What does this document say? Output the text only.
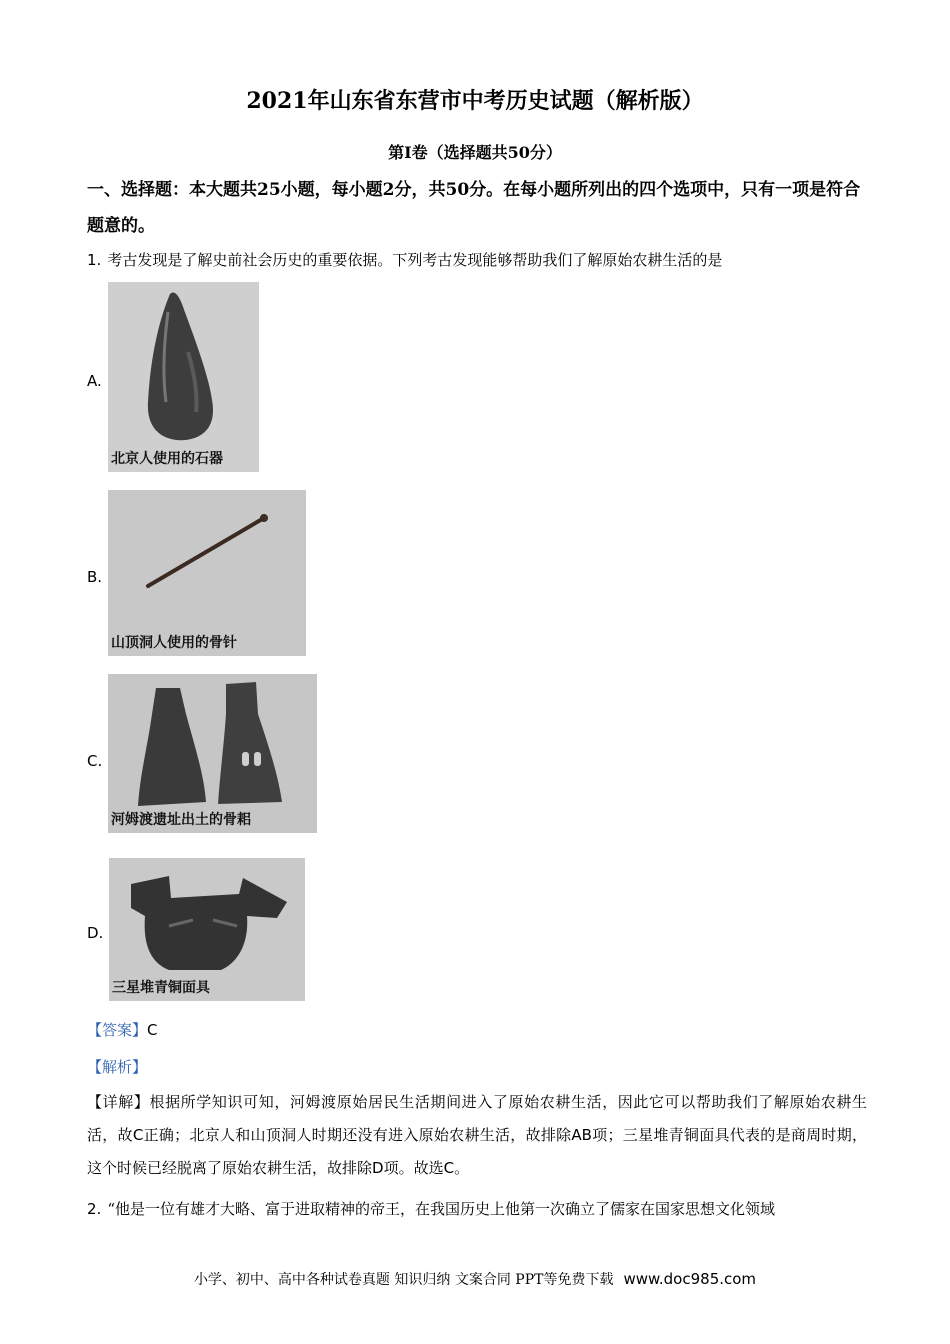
2021年山东省东营市中考历史试题（解析版）
第Ⅰ卷（选择题共50分）
一、选择题：本大题共25小题，每小题2分，共50分。在每小题所列出的四个选项中，只有一项是符合题意的。
1. 考古发现是了解史前社会历史的重要依据。下列考古发现能够帮助我们了解原始农耕生活的是
A.
北京人使用的石器
B.
山顶洞人使用的骨针
C.
河姆渡遗址出土的骨耜
D.
三星堆青铜面具
【答案】C
【解析】
【详解】根据所学知识可知，河姆渡原始居民生活期间进入了原始农耕生活，因此它可以帮助我们了解原始农耕生活，故C正确；北京人和山顶洞人时期还没有进入原始农耕生活，故排除AB项；三星堆青铜面具代表的是商周时期，这个时候已经脱离了原始农耕生活，故排除D项。故选C。
2. “他是一位有雄才大略、富于进取精神的帝王，在我国历史上他第一次确立了儒家在国家思想文化领域
小学、初中、高中各种试卷真题 知识归纳 文案合同 PPT等免费下载 www.doc985.com
